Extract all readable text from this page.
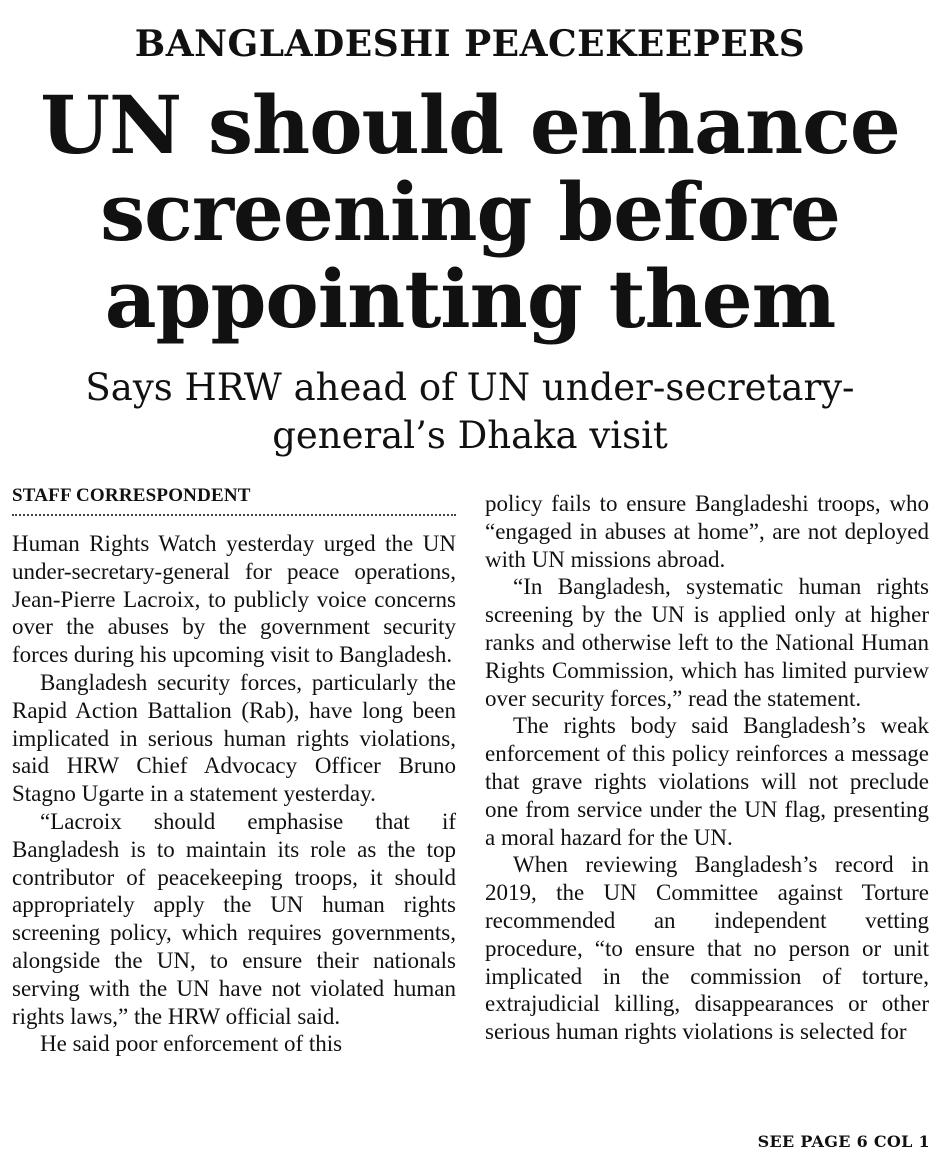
BANGLADESHI PEACEKEEPERS
UN should enhance
screening before
appointing them
Says HRW ahead of UN under-secretary-
general’s Dhaka visit
STAFF CORRESPONDENT

Human Rights Watch yesterday urged the UN under-secretary-general for peace operations, Jean-Pierre Lacroix, to publicly voice concerns over the abuses by the government security forces during his upcoming visit to Bangladesh.

Bangladesh security forces, particularly the Rapid Action Battalion (Rab), have long been implicated in serious human rights violations, said HRW Chief Advocacy Officer Bruno Stagno Ugarte in a statement yesterday.

“Lacroix should emphasise that if Bangladesh is to maintain its role as the top contributor of peacekeeping troops, it should appropriately apply the UN human rights screening policy, which requires governments, alongside the UN, to ensure their nationals serving with the UN have not violated human rights laws,” the HRW official said.

He said poor enforcement of this

policy fails to ensure Bangladeshi troops, who “engaged in abuses at home”, are not deployed with UN missions abroad.

“In Bangladesh, systematic human rights screening by the UN is applied only at higher ranks and otherwise left to the National Human Rights Commission, which has limited purview over security forces,” read the statement.

The rights body said Bangladesh’s weak enforcement of this policy reinforces a message that grave rights violations will not preclude one from service under the UN flag, presenting a moral hazard for the UN.

When reviewing Bangladesh’s record in 2019, the UN Committee against Torture recommended an independent vetting procedure, “to ensure that no person or unit implicated in the commission of torture, extrajudicial killing, disappearances or other serious human rights violations is selected for

SEE PAGE 6 COL 1
